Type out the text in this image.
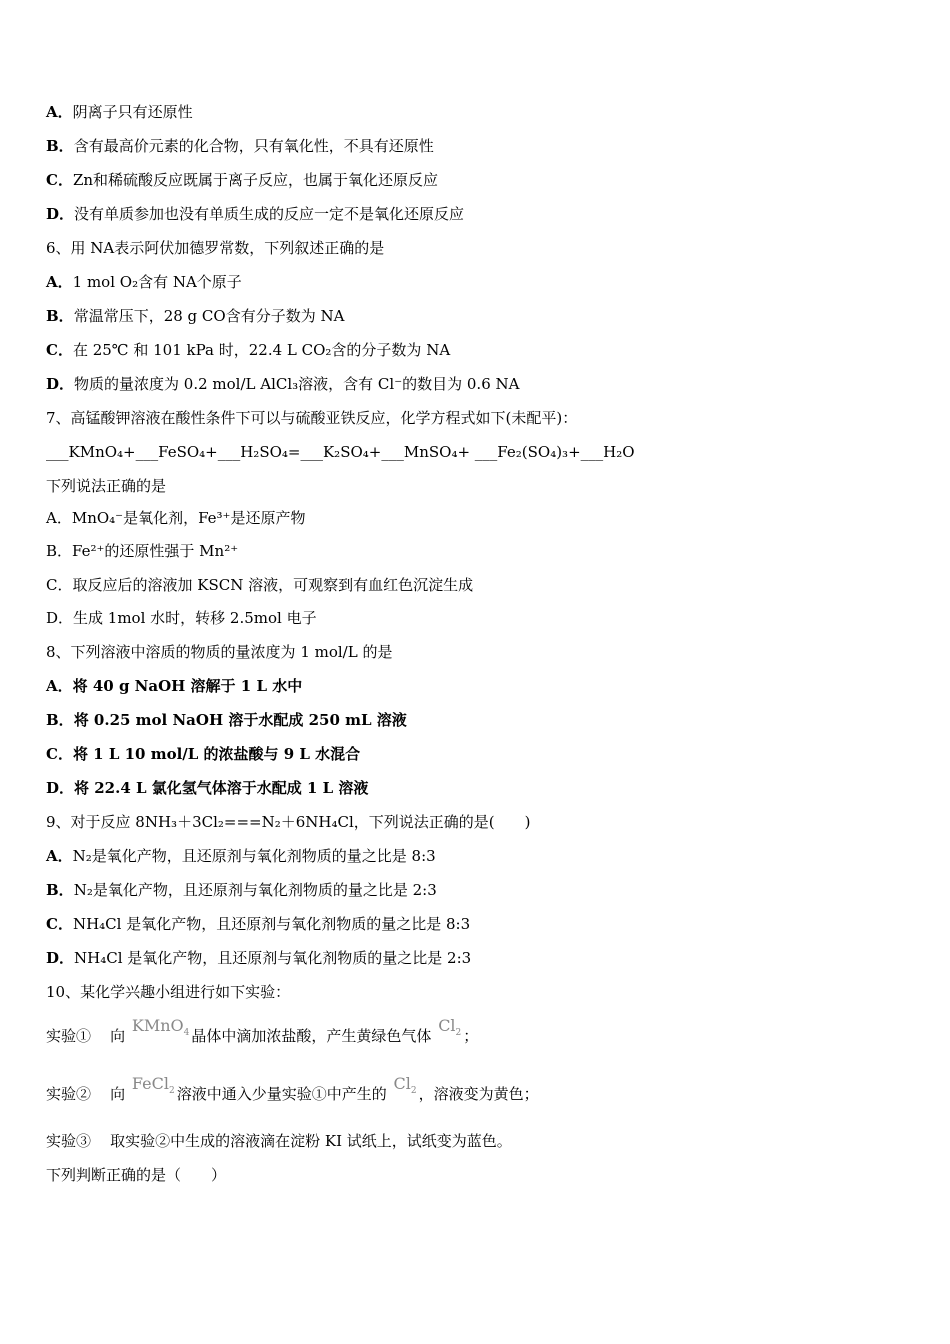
A．阴离子只有还原性
B．含有最高价元素的化合物，只有氧化性，不具有还原性
C．Zn和稀硫酸反应既属于离子反应，也属于氧化还原反应
D．没有单质参加也没有单质生成的反应一定不是氧化还原反应
6、用 NA表示阿伏加德罗常数，下列叙述正确的是
A．1 mol O₂含有 NA个原子
B．常温常压下，28 g CO含有分子数为 NA
C．在 25℃ 和 101 kPa 时，22.4 L CO₂含的分子数为 NA
D．物质的量浓度为 0.2 mol/L AlCl₃溶液，含有 Cl⁻的数目为 0.6 NA
7、高锰酸钾溶液在酸性条件下可以与硫酸亚铁反应，化学方程式如下(未配平)：
___KMnO₄+___FeSO₄+___H₂SO₄=___K₂SO₄+___MnSO₄+ ___Fe₂(SO₄)₃+___H₂O
下列说法正确的是
A．MnO₄⁻是氧化剂，Fe³⁺是还原产物
B．Fe²⁺的还原性强于 Mn²⁺
C．取反应后的溶液加 KSCN 溶液，可观察到有血红色沉淀生成
D．生成 1mol 水时，转移 2.5mol 电子
8、下列溶液中溶质的物质的量浓度为 1 mol/L 的是
A．将 40 g NaOH 溶解于 1 L 水中
B．将 0.25 mol NaOH 溶于水配成 250 mL 溶液
C．将 1 L 10 mol/L 的浓盐酸与 9 L 水混合
D．将 22.4 L 氯化氢气体溶于水配成 1 L 溶液
9、对于反应 8NH₃＋3Cl₂===N₂＋6NH₄Cl，下列说法正确的是(　　)
A．N₂是氧化产物，且还原剂与氧化剂物质的量之比是 8:3
B．N₂是氧化产物，且还原剂与氧化剂物质的量之比是 2:3
C．NH₄Cl 是氧化产物，且还原剂与氧化剂物质的量之比是 8:3
D．NH₄Cl 是氧化产物，且还原剂与氧化剂物质的量之比是 2:3
10、某化学兴趣小组进行如下实验：
实验① 向 KMnO$_4$ 晶体中滴加浓盐酸，产生黄绿色气体 $Cl_2$ ；
实验② 向 FeCl$_2$ 溶液中通入少量实验①中产生的 $Cl_2$ ，溶液变为黄色；
实验③ 取实验②中生成的溶液滴在淀粉 KI 试纸上，试纸变为蓝色。
下列判断正确的是（　　）
